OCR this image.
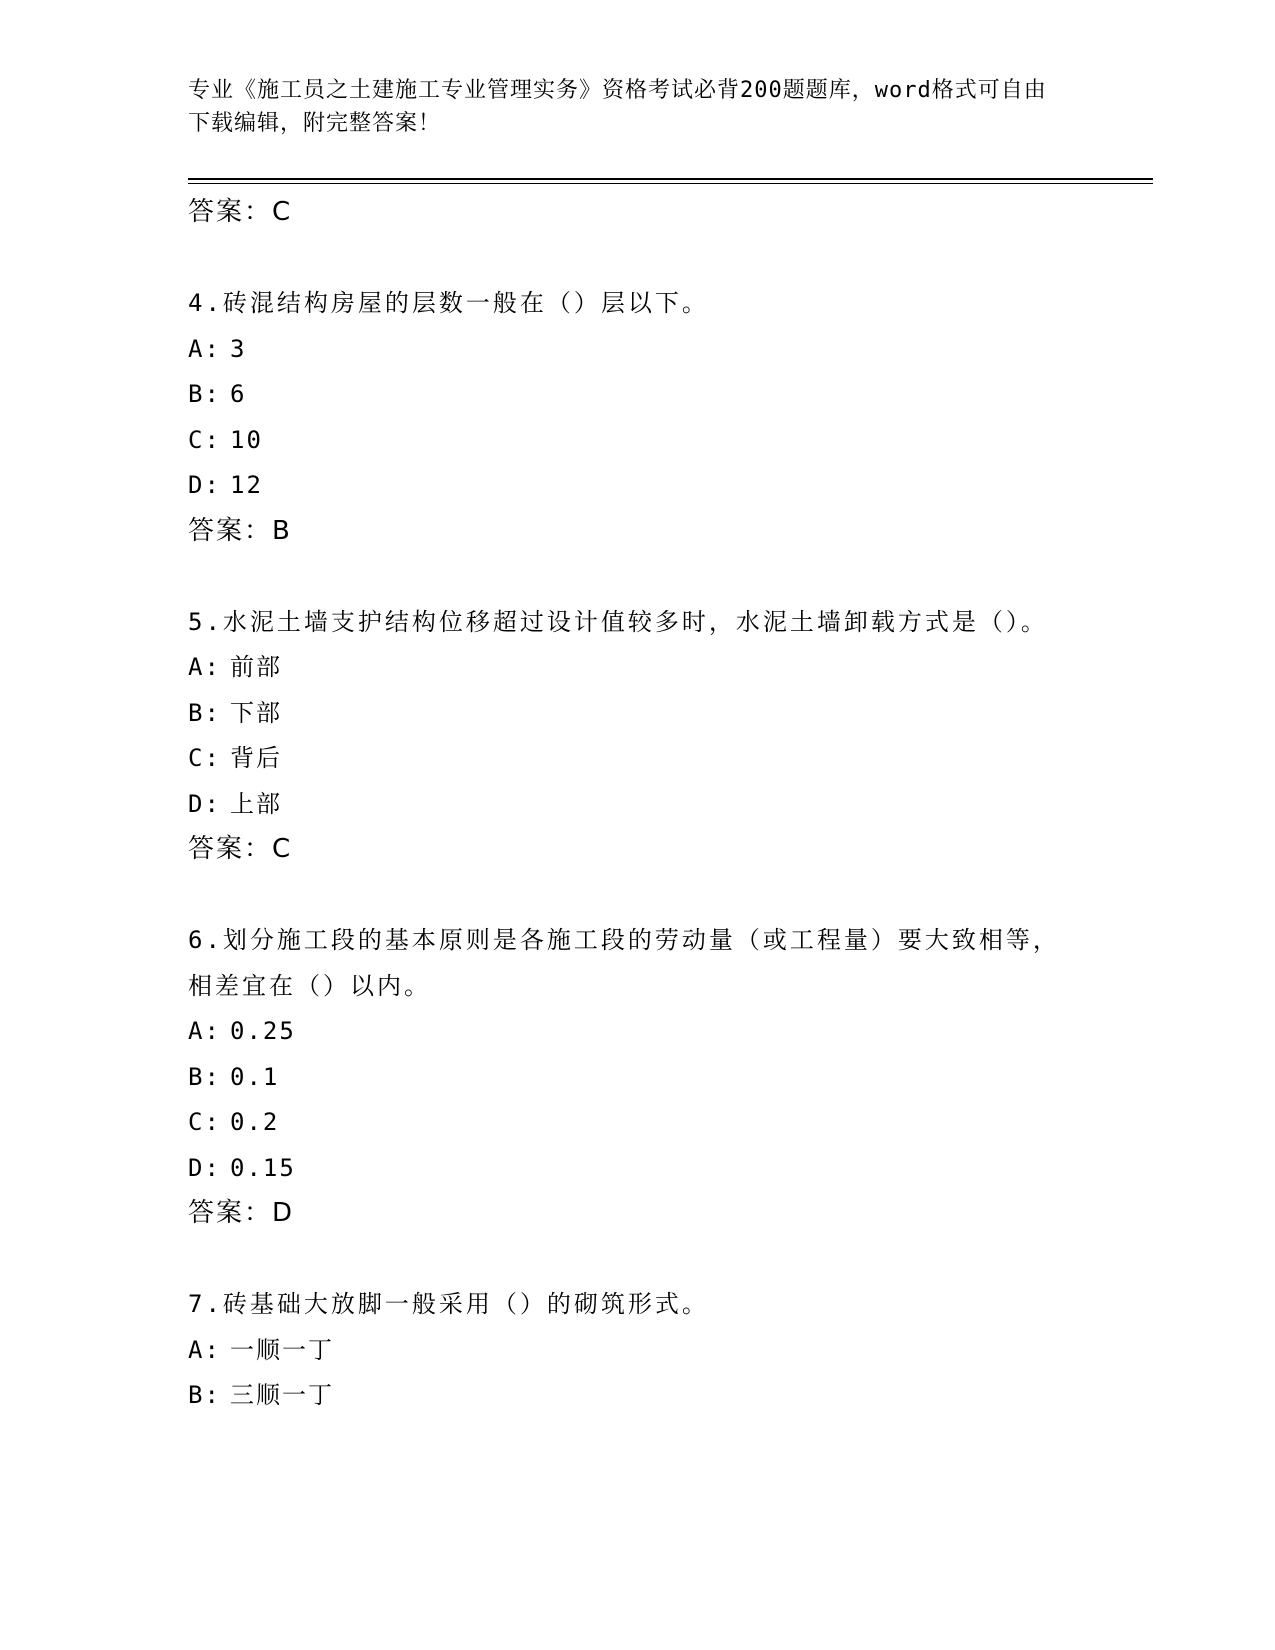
专业《施工员之土建施工专业管理实务》资格考试必背200题题库，word格式可自由下载编辑，附完整答案！
答案：C
4.砖混结构房屋的层数一般在（）层以下。
A: 3
B: 6
C: 10
D: 12
答案：B
5.水泥土墙支护结构位移超过设计值较多时，水泥土墙卸载方式是（）。
A: 前部
B: 下部
C: 背后
D: 上部
答案：C
6.划分施工段的基本原则是各施工段的劳动量（或工程量）要大致相等，相差宜在（）以内。
A: 0.25
B: 0.1
C: 0.2
D: 0.15
答案：D
7.砖基础大放脚一般采用（）的砌筑形式。
A: 一顺一丁
B: 三顺一丁
